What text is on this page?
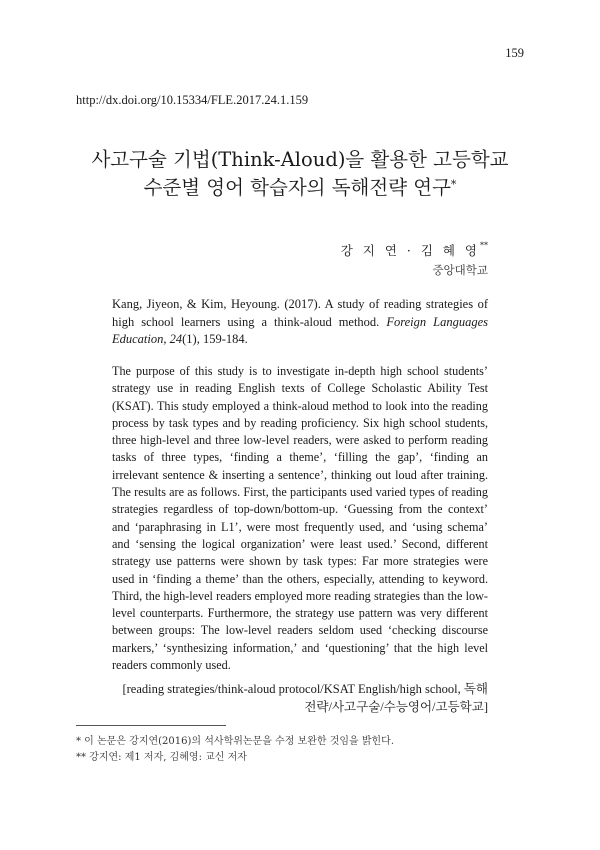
159
http://dx.doi.org/10.15334/FLE.2017.24.1.159
사고구술 기법(Think-Aloud)을 활용한 고등학교
수준별 영어 학습자의 독해전략 연구*
강 지 연 · 김 혜 영**
중앙대학교
Kang, Jiyeon, & Kim, Heyoung. (2017). A study of reading strategies of high school learners using a think-aloud method. Foreign Languages Education, 24(1), 159-184.
The purpose of this study is to investigate in-depth high school students’ strategy use in reading English texts of College Scholastic Ability Test (KSAT). This study employed a think-aloud method to look into the reading process by task types and by reading proficiency. Six high school students, three high-level and three low-level readers, were asked to perform reading tasks of three types, ‘finding a theme’, ‘filling the gap’, ‘finding an irrelevant sentence & inserting a sentence’, thinking out loud after training. The results are as follows. First, the participants used varied types of reading strategies regardless of top-down/bottom-up. ‘Guessing from the context’ and ‘paraphrasing in L1’, were most frequently used, and ‘using schema’ and ‘sensing the logical organization’ were least used.’ Second, different strategy use patterns were shown by task types: Far more strategies were used in ‘finding a theme’ than the others, especially, attending to keyword. Third, the high-level readers employed more reading strategies than the low-level counterparts. Furthermore, the strategy use pattern was very different between groups: The low-level readers seldom used ‘checking discourse markers,’ ‘synthesizing information,’ and ‘questioning’ that the high level readers commonly used.
[reading strategies/think-aloud protocol/KSAT English/high school, 독해 전략/사고구술/수능영어/고등학교]
* 이 논문은 강지연(2016)의 석사학위논문을 수정 보완한 것임을 밝힌다.
** 강지연: 제1 저자, 김혜영: 교신 저자
